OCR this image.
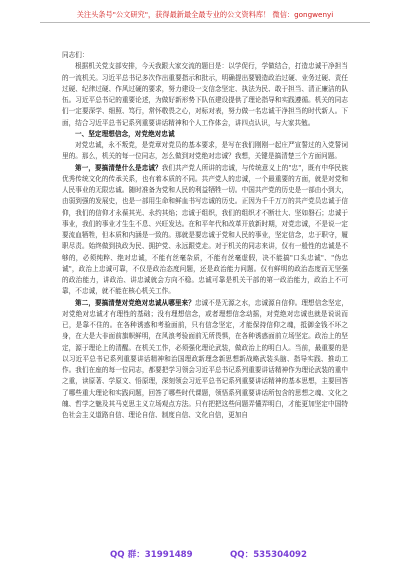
关注头条号"公文研究"，获得最新最全最专业的公文资料库！ 微信：gongwenyi

同志们：

根据机关党支部安排，今天我跟大家交流的题目是：以学促行，学做结合，打造忠诚干净担当的一流机关。习近平总书记多次作出重要指示和批示，明确提出要锻造政治过硬、业务过硬、责任过硬、纪律过硬、作风过硬的要求，努力建设一支信念坚定、执法为民、敢于担当、清正廉洁的队伍。习近平总书记的重要论述，为做好新形势下队伍建设提供了理论指导和实践遵循。机关的同志们一定要深学、细照、笃行，常怀敬畏之心，对标对表，努力做一名忠诚干净担当的时代新人。下面，结合习近平总书记系列重要讲话精神和个人工作体会，讲四点认识，与大家共勉。

一、坚定理想信念，对党绝对忠诚

对党忠诚，永不叛党，是党章对党员的基本要求，是写在我们刚刚一起庄严宣誓过的入党誓词里的。那么，机关的每一位同志，怎么做到对党绝对忠诚？我想，关键是搞清楚三个方面问题。

第一，要搞清楚什么是忠诚？我们共产党人所讲的忠诚，与传统意义上的"忠"，既有中华民族优秀传统文化的传承关系，也有着本质的不同。共产党人的忠诚，一个最重要的方面，就是对党和人民事业的无限忠诚。随时准备为党和人民的利益牺牲一切。中国共产党的历史是一部由小到大，由弱到强的发展史，也是一部用生命和鲜血书写忠诚的历史。正因为千千万万的共产党员忠诚于信仰，我们的信仰才永葆其光、永约其焰；忠诚于组织，我们的组织才不断壮大、坚如磐石；忠诚于事业，我们的事业才生生不息、兴旺发达。在和平年代和改革开放新时期，对党忠诚，不是说一定要流血牺牲，但本质和内涵是一致的。那就是要忠诚于党和人民的事业，坚定信念，忠于职守，履职尽责。始终做到执政为民、拥护党、永远跟党走。对于机关的同志来讲，仅有一般性的忠诚是不够的，必须纯粹、绝对忠诚，不能有丝毫杂质，不能有丝毫虚假，决不能搞"口头忠诚"、"伪忠诚"，政治上忠诚可靠，不仅是政治态度问题，还是政治能力问题。仅有鲜明的政治态度而无坚强的政治能力，讲政治、讲忠诚就会方向不稳。忠诚可靠是机关干部的第一政治能力，政治上不可靠，不忠诚，就不能在核心机关工作。

第二，要搞清楚对党绝对忠诚从哪里来？忠诚不是无源之水，忠诚源自信仰。理想信念坚定，对党绝对忠诚才有理性的基础；没有理想信念，或者理想信念动摇，对党绝对忠诚也就是说说而已，是靠不住的。在各种诱惑和考验面前，只有信念坚定，才能保持信仰之魂，抵御金钱不坏之身，在大是大非面前旗帜鲜明，在风浪考验面前无所畏惧，在各种诱惑面前立场坚定。政治上的坚定，源于理论上的清醒。在机关工作，必须强化理论武装，做政治上的明白人。当前，最重要的是以习近平总书记系列重要讲话精神和治国理政新理念新思想新战略武装头脑、指导实践、推动工作。我们在座的每一位同志，都要把学习领会习近平总书记系列重要讲话精神作为理论武装的重中之重，读原著、学原文、悟原理，深刻领会习近平总书记系列重要讲话精神的基本思想，主要回答了哪些重大理论和实践问题，回答了哪些时代课题，领悟系列重要讲话所包含的思想之魂、文化之魄、哲学之魅及其马克思主义立场观点方法。只有把把这些问题弄懂弄明白，才能更加坚定中国特色社会主义道路自信、理论自信、制度自信、文化自信，更加自

QQ 群：31991489	QQ：535304092
